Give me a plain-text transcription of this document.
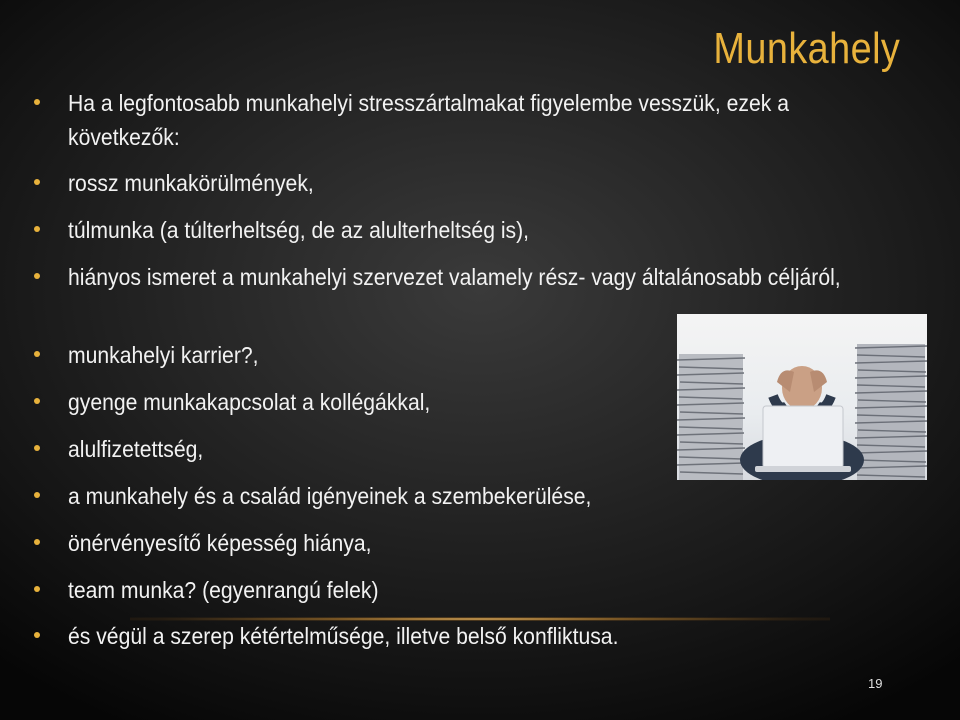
Munkahely
Ha a legfontosabb munkahelyi stresszártalmakat figyelembe vesszük, ezek a következők:
rossz munkakörülmények,
túlmunka (a túlterheltség, de az alulterheltség is),
hiányos ismeret a munkahelyi szervezet valamely rész- vagy általánosabb céljáról,
munkahelyi karrier?,
gyenge munkakapcsolat a kollégákkal,
alulfizetettség,
a munkahely és a család igényeinek a szembekerülése,
önérvényesítő képesség hiánya,
team munka? (egyenrangú felek)
és végül a szerep kétértelműsége, illetve belső konfliktusa.
19
